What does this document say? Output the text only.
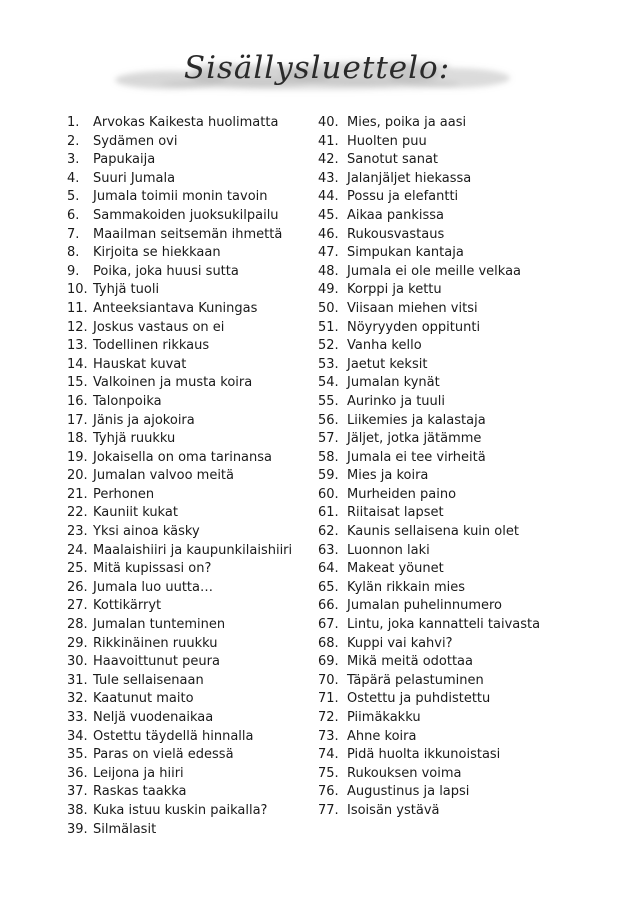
Sisällysluettelo:
1.	Arvokas Kaikesta huolimatta
2.	Sydämen ovi
3.	Papukaija
4.	Suuri Jumala
5.	Jumala toimii monin tavoin
6.	Sammakoiden juoksukilpailu
7.	Maailman seitsemän ihmettä
8.	Kirjoita se hiekkaan
9.	Poika, joka huusi sutta
10. Tyhjä tuoli
11. Anteeksiantava Kuningas
12. Joskus vastaus on ei
13. Todellinen rikkaus
14. Hauskat kuvat
15. Valkoinen ja musta koira
16. Talonpoika
17. Jänis ja ajokoira
18. Tyhjä ruukku
19. Jokaisella on oma tarinansa
20. Jumalan valvoo meitä
21. Perhonen
22. Kauniit kukat
23. Yksi ainoa käsky
24. Maalaishiiri ja kaupunkilaishiiri
25. Mitä kupissasi on?
26. Jumala luo uutta…
27. Kottikärryt
28. Jumalan tunteminen
29. Rikkinäinen ruukku
30. Haavoittunut peura
31. Tule sellaisenaan
32. Kaatunut maito
33. Neljä vuodenaikaa
34. Ostettu täydellä hinnalla
35. Paras on vielä edessä
36. Leijona ja hiiri
37. Raskas taakka
38. Kuka istuu kuskin paikalla?
39. Silmälasit
40. Mies, poika ja aasi
41. Huolten puu
42. Sanotut sanat
43. Jalanjäljet hiekassa
44. Possu ja elefantti
45. Aikaa pankissa
46. Rukousvastaus
47. Simpukan kantaja
48. Jumala ei ole meille velkaa
49. Korppi ja kettu
50. Viisaan miehen vitsi
51. Nöyryyden oppitunti
52. Vanha kello
53. Jaetut keksit
54. Jumalan kynät
55. Aurinko ja tuuli
56. Liikemies ja kalastaja
57. Jäljet, jotka jätämme
58. Jumala ei tee virheitä
59. Mies ja koira
60. Murheiden paino
61. Riitaisat lapset
62. Kaunis sellaisena kuin olet
63. Luonnon laki
64. Makeat yöunet
65. Kylän rikkain mies
66. Jumalan puhelinnumero
67. Lintu, joka kannatteli taivasta
68. Kuppi vai kahvi?
69. Mikä meitä odottaa
70. Täpärä pelastuminen
71. Ostettu ja puhdistettu
72. Piimäkakku
73. Ahne koira
74. Pidä huolta ikkunoistasi
75. Rukouksen voima
76. Augustinus ja lapsi
77. Isoisän ystävä
